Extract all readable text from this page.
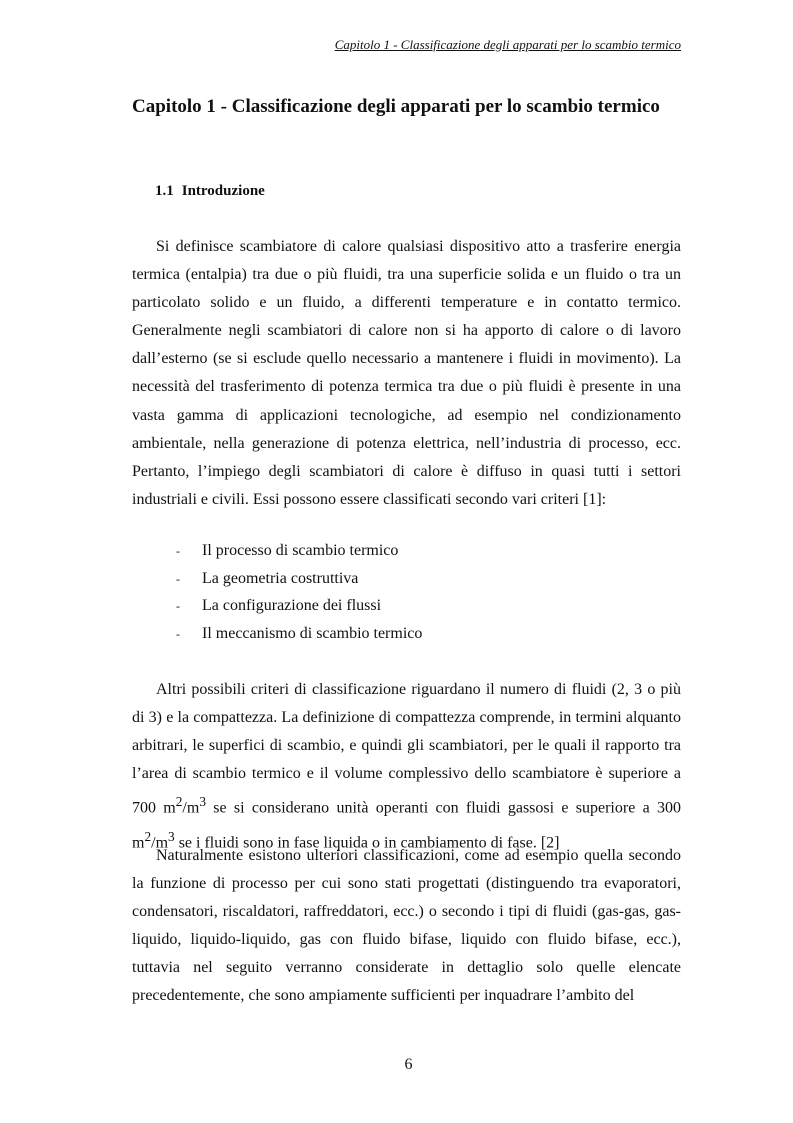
Capitolo 1 - Classificazione degli apparati per lo scambio termico
Capitolo 1 - Classificazione degli apparati per lo scambio termico
1.1 Introduzione

Si definisce scambiatore di calore qualsiasi dispositivo atto a trasferire energia termica (entalpia) tra due o più fluidi, tra una superficie solida e un fluido o tra un particolato solido e un fluido, a differenti temperature e in contatto termico. Generalmente negli scambiatori di calore non si ha apporto di calore o di lavoro dall’esterno (se si esclude quello necessario a mantenere i fluidi in movimento). La necessità del trasferimento di potenza termica tra due o più fluidi è presente in una vasta gamma di applicazioni tecnologiche, ad esempio nel condizionamento ambientale, nella generazione di potenza elettrica, nell’industria di processo, ecc. Pertanto, l’impiego degli scambiatori di calore è diffuso in quasi tutti i settori industriali e civili. Essi possono essere classificati secondo vari criteri [1]:

- Il processo di scambio termico
- La geometria costruttiva
- La configurazione dei flussi
- Il meccanismo di scambio termico

Altri possibili criteri di classificazione riguardano il numero di fluidi (2, 3 o più di 3) e la compattezza. La definizione di compattezza comprende, in termini alquanto arbitrari, le superfici di scambio, e quindi gli scambiatori, per le quali il rapporto tra l’area di scambio termico e il volume complessivo dello scambiatore è superiore a 700 $m^2/m^3$ se si considerano unità operanti con fluidi gassosi e superiore a 300 $m^2/m^3$ se i fluidi sono in fase liquida o in cambiamento di fase. [2]

Naturalmente esistono ulteriori classificazioni, come ad esempio quella secondo la funzione di processo per cui sono stati progettati (distinguendo tra evaporatori, condensatori, riscaldatori, raffreddatori, ecc.) o secondo i tipi di fluidi (gas-gas, gas-liquido, liquido-liquido, gas con fluido bifase, liquido con fluido bifase, ecc.), tuttavia nel seguito verranno considerate in dettaglio solo quelle elencate precedentemente, che sono ampiamente sufficienti per inquadrare l’ambito del

6
